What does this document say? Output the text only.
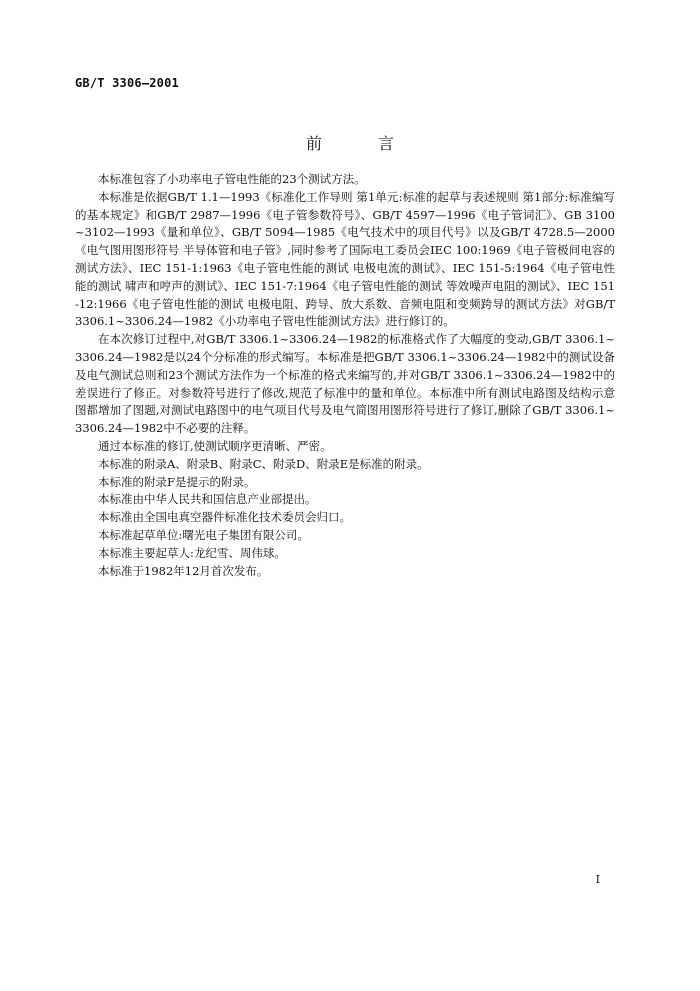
GB/T 3306—2001
前言

本标准包容了小功率电子管电性能的23个测试方法。

本标准是依据GB/T 1.1—1993《标准化工作导则 第1单元:标准的起草与表述规则 第1部分:标准编写的基本规定》和GB/T 2987—1996《电子管参数符号》、GB/T 4597—1996《电子管词汇》、GB 3100~3102—1993《量和单位》、GB/T 5094—1985《电气技术中的项目代号》以及GB/T 4728.5—2000《电气图用图形符号 半导体管和电子管》,同时参考了国际电工委员会IEC 100:1969《电子管极间电容的测试方法》、IEC 151-1:1963《电子管电性能的测试 电极电流的测试》、IEC 151-5:1964《电子管电性能的测试 啸声和哼声的测试》、IEC 151-7:1964《电子管电性能的测试 等效噪声电阻的测试》、IEC 151-12:1966《电子管电性能的测试 电极电阻、跨导、放大系数、音频电阻和变频跨导的测试方法》对GB/T 3306.1~3306.24—1982《小功率电子管电性能测试方法》进行修订的。

在本次修订过程中,对GB/T 3306.1~3306.24—1982的标准格式作了大幅度的变动,GB/T 3306.1~3306.24—1982是以24个分标准的形式编写。本标准是把GB/T 3306.1~3306.24—1982中的测试设备及电气测试总则和23个测试方法作为一个标准的格式来编写的,并对GB/T 3306.1~3306.24—1982中的差误进行了修正。对参数符号进行了修改,规范了标准中的量和单位。本标准中所有测试电路图及结构示意图都增加了图题,对测试电路图中的电气项目代号及电气简图用图形符号进行了修订,删除了GB/T 3306.1~3306.24—1982中不必要的注释。

通过本标准的修订,使测试顺序更清晰、严密。

本标准的附录A、附录B、附录C、附录D、附录E是标准的附录。

本标准的附录F是提示的附录。

本标准由中华人民共和国信息产业部提出。

本标准由全国电真空器件标准化技术委员会归口。

本标准起草单位:曙光电子集团有限公司。

本标准主要起草人:龙纪雪、周伟球。

本标准于1982年12月首次发布。

I
